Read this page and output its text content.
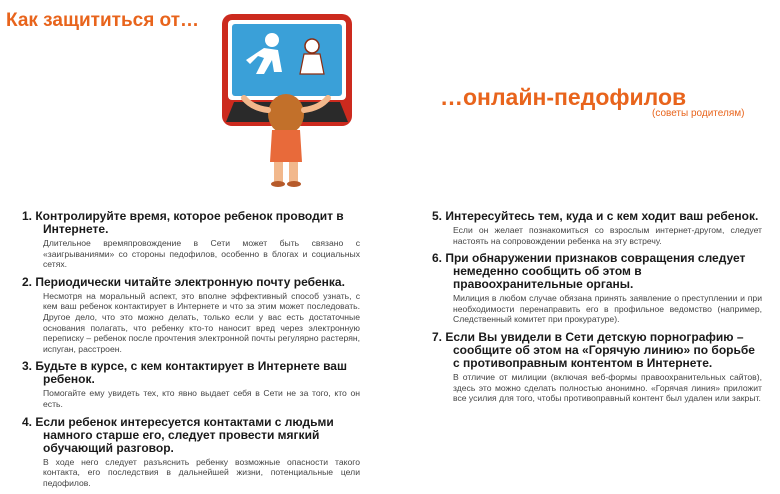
Как защититься от…
…онлайн-педофилов
(советы родителям)
1. Контролируйте время, которое ребенок проводит в Интернете.

Длительное времяпровождение в Сети может быть связано с «заигрываниями» со стороны педофилов, особенно в блогах и социальных сетях.

2. Периодически читайте электронную почту ребенка.

Несмотря на моральный аспект, это вполне эффективный способ узнать, с кем ваш ребенок контактирует в Интернете и что за этим может последовать. Другое дело, что это можно делать, только если у вас есть достаточные основания полагать, что ребенку кто-то наносит вред через электронную переписку – ребенок после прочтения электронной почты регулярно растерян, испуган, расстроен.

3. Будьте в курсе, с кем контактирует в Интернете ваш ребенок.

Помогайте ему увидеть тех, кто явно выдает себя в Сети не за того, кто он есть.

4. Если ребенок интересуется контактами с людьми намного старше его, следует провести мягкий обучающий разговор.

В ходе него следует разъяснить ребенку возможные опасности такого контакта, его последствия в дальнейшей жизни, потенциальные цели педофилов.

5. Интересуйтесь тем, куда и с кем ходит ваш ребенок.

Если он желает познакомиться со взрослым интернет-другом, следует настоять на сопровождении ребенка на эту встречу.

6. При обнаружении признаков совращения следует немеденно сообщить об этом в правоохранительные органы.

Милиция в любом случае обязана принять заявление о преступлении и при необходимости перенаправить его в профильное ведомство (например, Следственный комитет при прокуратуре).

7. Если Вы увидели в Сети детскую порнографию – сообщите об этом на «Горячую линию» по борьбе с противоправным контентом в Интернете.

В отличие от милиции (включая веб-формы правоохранительных сайтов), здесь это можно сделать полностью анонимно. «Горячая линия» приложит все усилия для того, чтобы противоправный контент был удален или закрыт.
